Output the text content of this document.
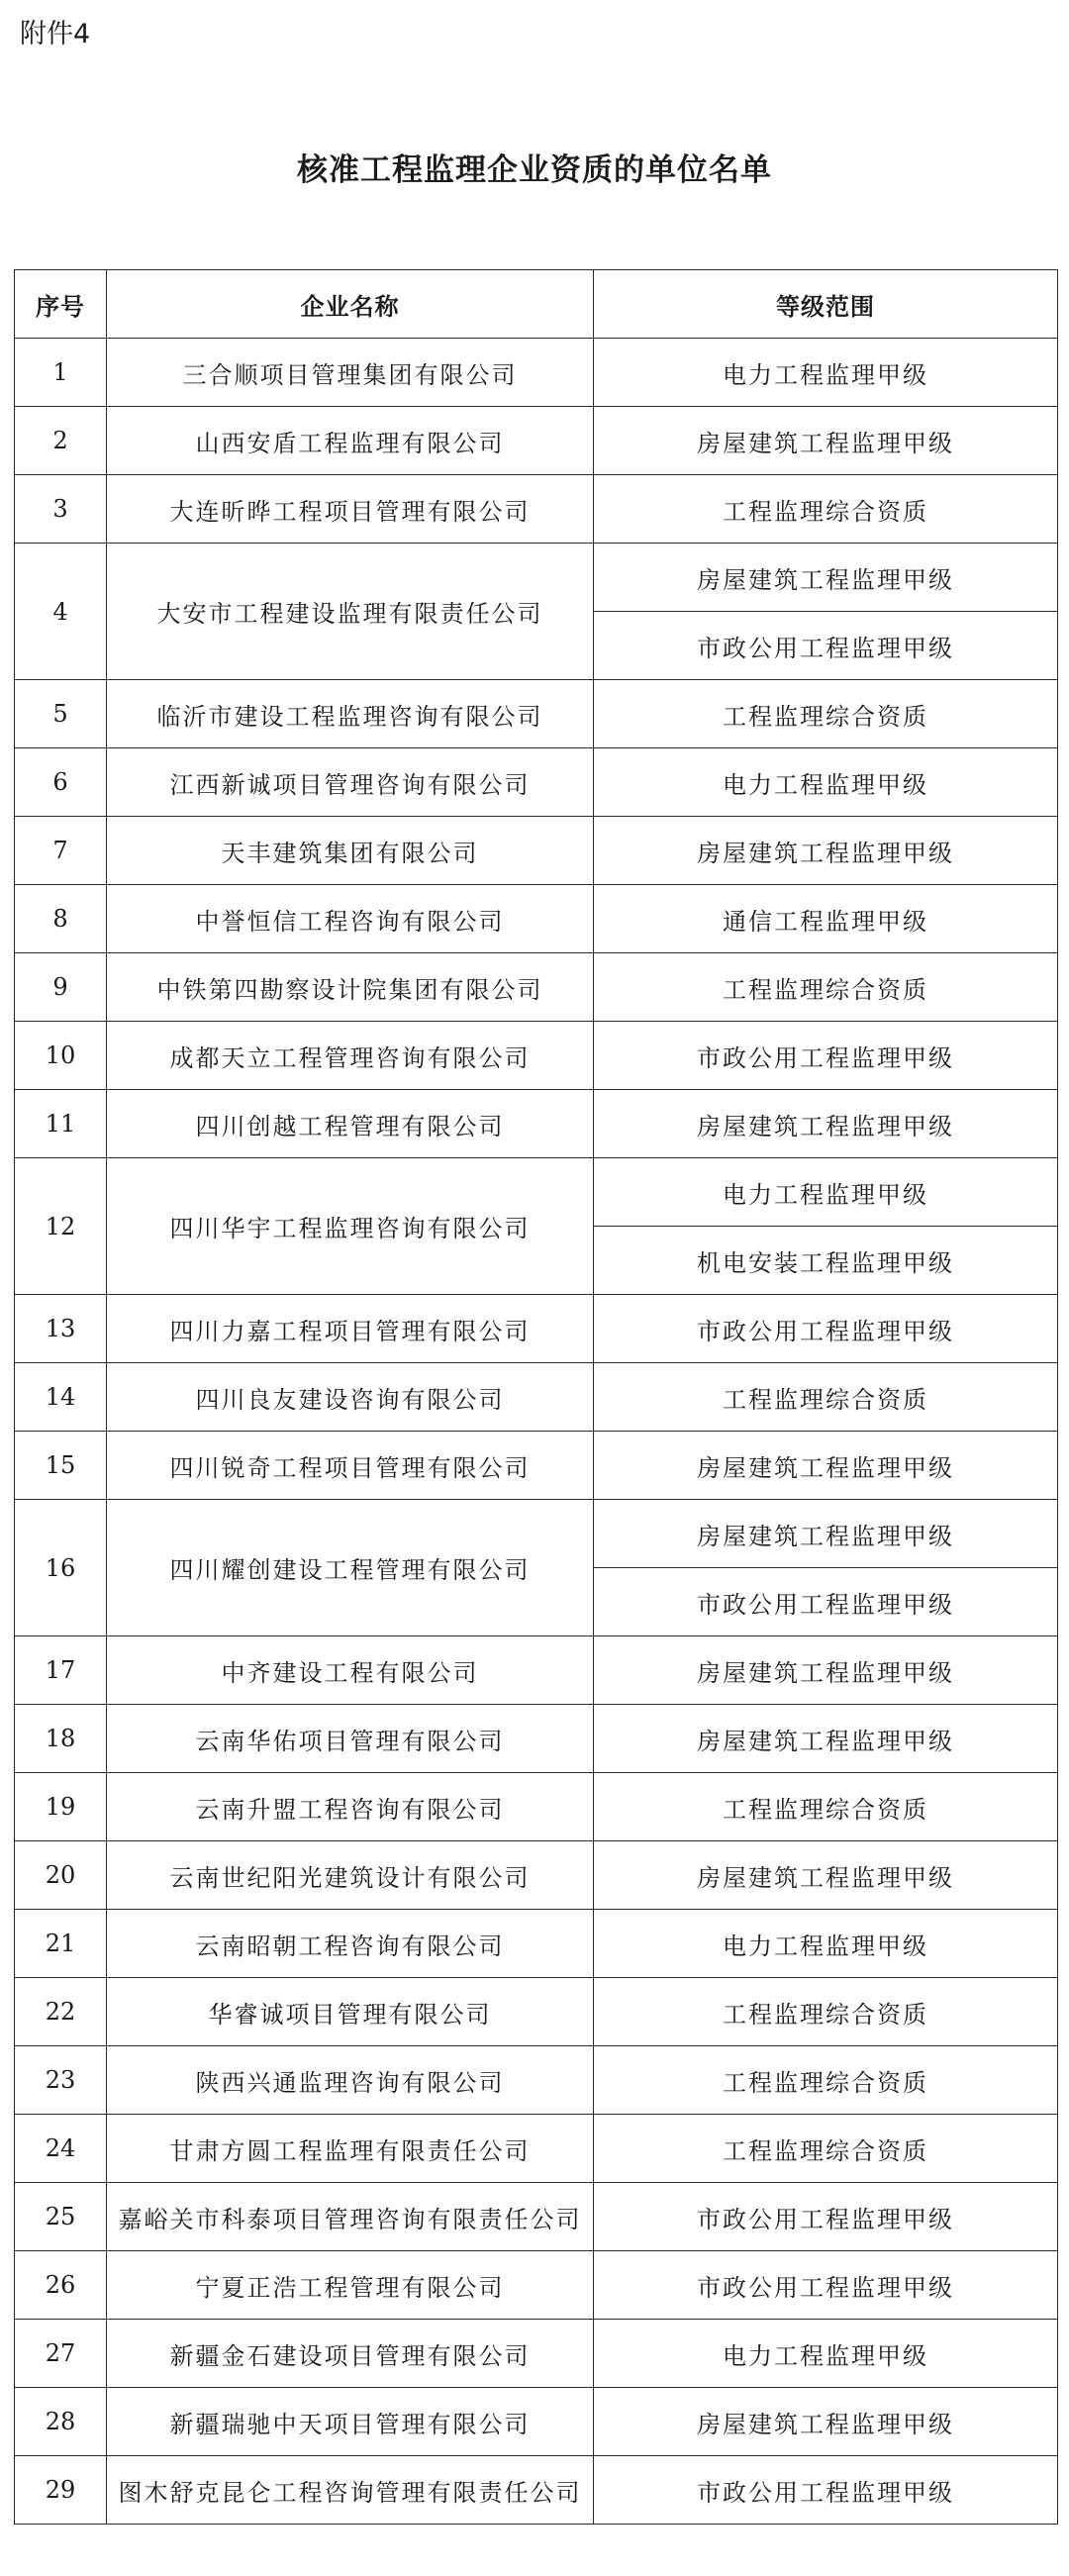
附件4
核准工程监理企业资质的单位名单
序号	企业名称	等级范围
1	三合顺项目管理集团有限公司	电力工程监理甲级
2	山西安盾工程监理有限公司	房屋建筑工程监理甲级
3	大连昕晔工程项目管理有限公司	工程监理综合资质
4	大安市工程建设监理有限责任公司	房屋建筑工程监理甲级
		市政公用工程监理甲级
5	临沂市建设工程监理咨询有限公司	工程监理综合资质
6	江西新诚项目管理咨询有限公司	电力工程监理甲级
7	天丰建筑集团有限公司	房屋建筑工程监理甲级
8	中誉恒信工程咨询有限公司	通信工程监理甲级
9	中铁第四勘察设计院集团有限公司	工程监理综合资质
10	成都天立工程管理咨询有限公司	市政公用工程监理甲级
11	四川创越工程管理有限公司	房屋建筑工程监理甲级
12	四川华宇工程监理咨询有限公司	电力工程监理甲级
		机电安装工程监理甲级
13	四川力嘉工程项目管理有限公司	市政公用工程监理甲级
14	四川良友建设咨询有限公司	工程监理综合资质
15	四川锐奇工程项目管理有限公司	房屋建筑工程监理甲级
16	四川耀创建设工程管理有限公司	房屋建筑工程监理甲级
		市政公用工程监理甲级
17	中齐建设工程有限公司	房屋建筑工程监理甲级
18	云南华佑项目管理有限公司	房屋建筑工程监理甲级
19	云南升盟工程咨询有限公司	工程监理综合资质
20	云南世纪阳光建筑设计有限公司	房屋建筑工程监理甲级
21	云南昭朝工程咨询有限公司	电力工程监理甲级
22	华睿诚项目管理有限公司	工程监理综合资质
23	陕西兴通监理咨询有限公司	工程监理综合资质
24	甘肃方圆工程监理有限责任公司	工程监理综合资质
25	嘉峪关市科泰项目管理咨询有限责任公司	市政公用工程监理甲级
26	宁夏正浩工程管理有限公司	市政公用工程监理甲级
27	新疆金石建设项目管理有限公司	电力工程监理甲级
28	新疆瑞驰中天项目管理有限公司	房屋建筑工程监理甲级
29	图木舒克昆仑工程咨询管理有限责任公司	市政公用工程监理甲级
